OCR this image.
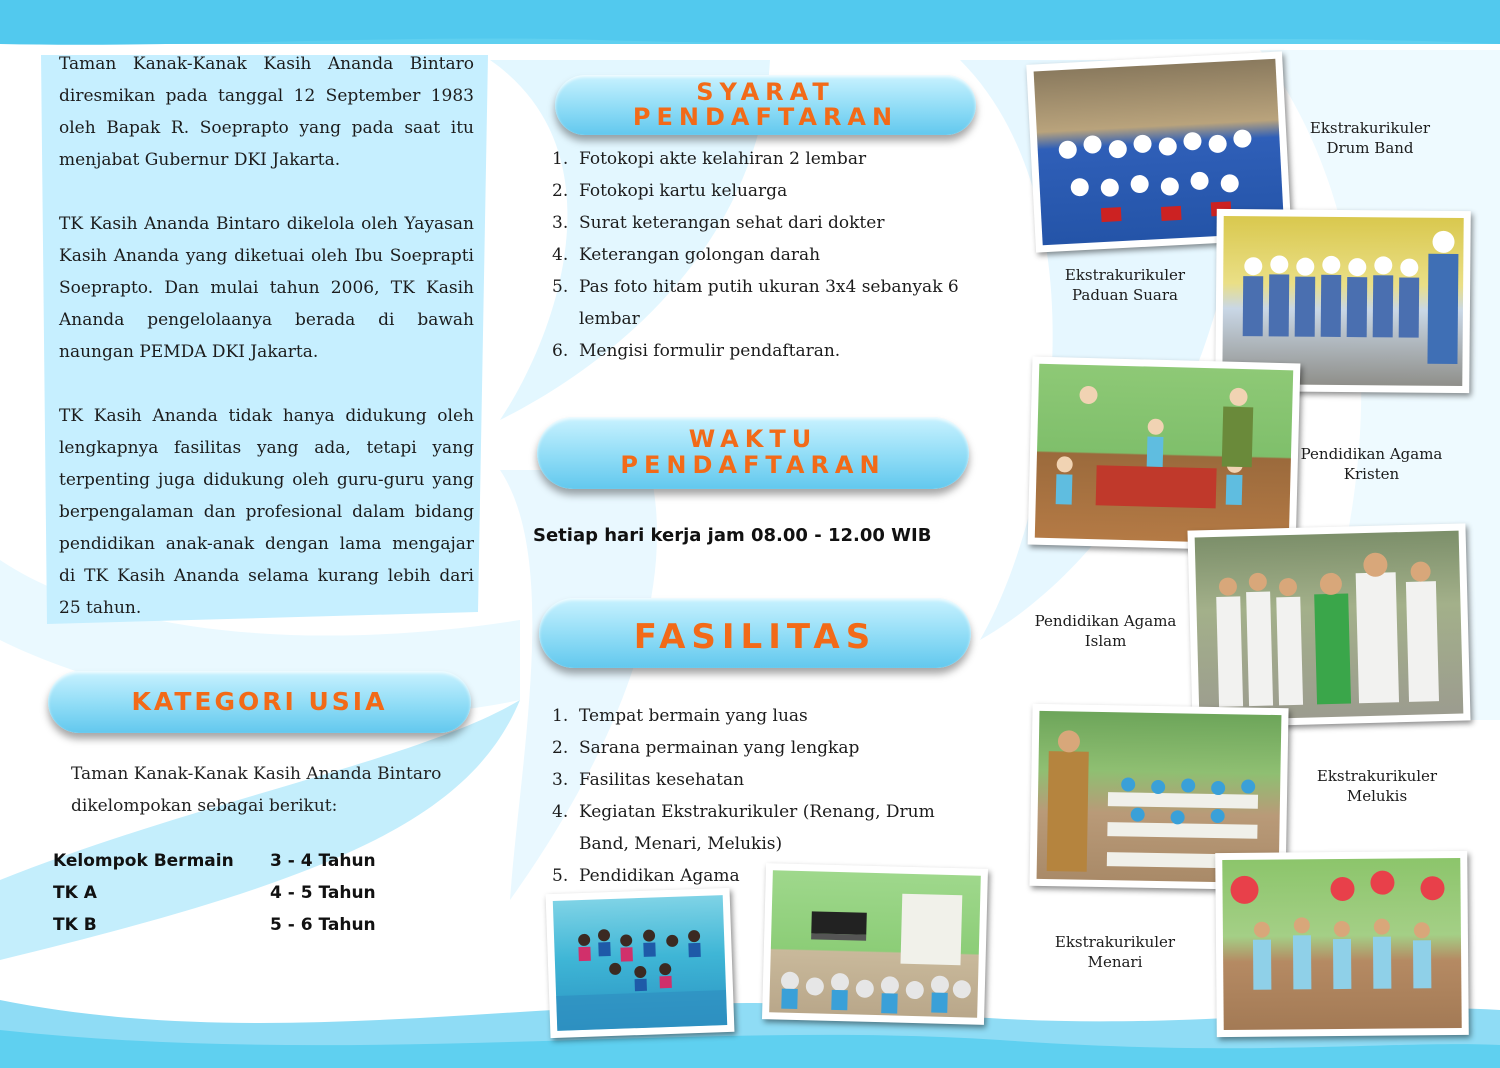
Taman Kanak-Kanak Kasih Ananda Bintaro diresmikan pada tanggal 12 September 1983 oleh Bapak R. Soeprapto yang pada saat itu menjabat Gubernur DKI Jakarta.

TK Kasih Ananda Bintaro dikelola oleh Yayasan Kasih Ananda yang diketuai oleh Ibu Soeprapti Soeprapto. Dan mulai tahun 2006, TK Kasih Ananda pengelolaanya berada di bawah naungan PEMDA DKI Jakarta.

TK Kasih Ananda tidak hanya didukung oleh lengkapnya fasilitas yang ada, tetapi yang terpenting juga didukung oleh guru-guru yang berpengalaman dan profesional dalam bidang pendidikan anak-anak dengan lama mengajar di TK Kasih Ananda selama kurang lebih dari 25 tahun.

KATEGORI USIA
Taman Kanak-Kanak Kasih Ananda Bintaro dikelompokan sebagai berikut:
Kelompok Bermain 3 - 4 Tahun
TK A	4 - 5 Tahun
TK B	5 - 6 Tahun
SYARAT
PENDAFTARAN
1. Fotokopi akte kelahiran 2 lembar
2. Fotokopi kartu keluarga
3. Surat keterangan sehat dari dokter
4. Keterangan golongan darah
5. Pas foto hitam putih ukuran 3x4 sebanyak 6 lembar
6. Mengisi formulir pendaftaran.
WAKTU
PENDAFTARAN
Setiap hari kerja jam 08.00 - 12.00 WIB
FASILITAS
1. Tempat bermain yang luas
2. Sarana permainan yang lengkap
3. Fasilitas kesehatan
4. Kegiatan Ekstrakurikuler (Renang, Drum Band, Menari, Melukis)
5. Pendidikan Agama
Ekstrakurikuler
Drum Band
Ekstrakurikuler
Paduan Suara
Pendidikan Agama
Kristen
Pendidikan Agama
Islam
Ekstrakurikuler
Melukis
Ekstrakurikuler
Menari
